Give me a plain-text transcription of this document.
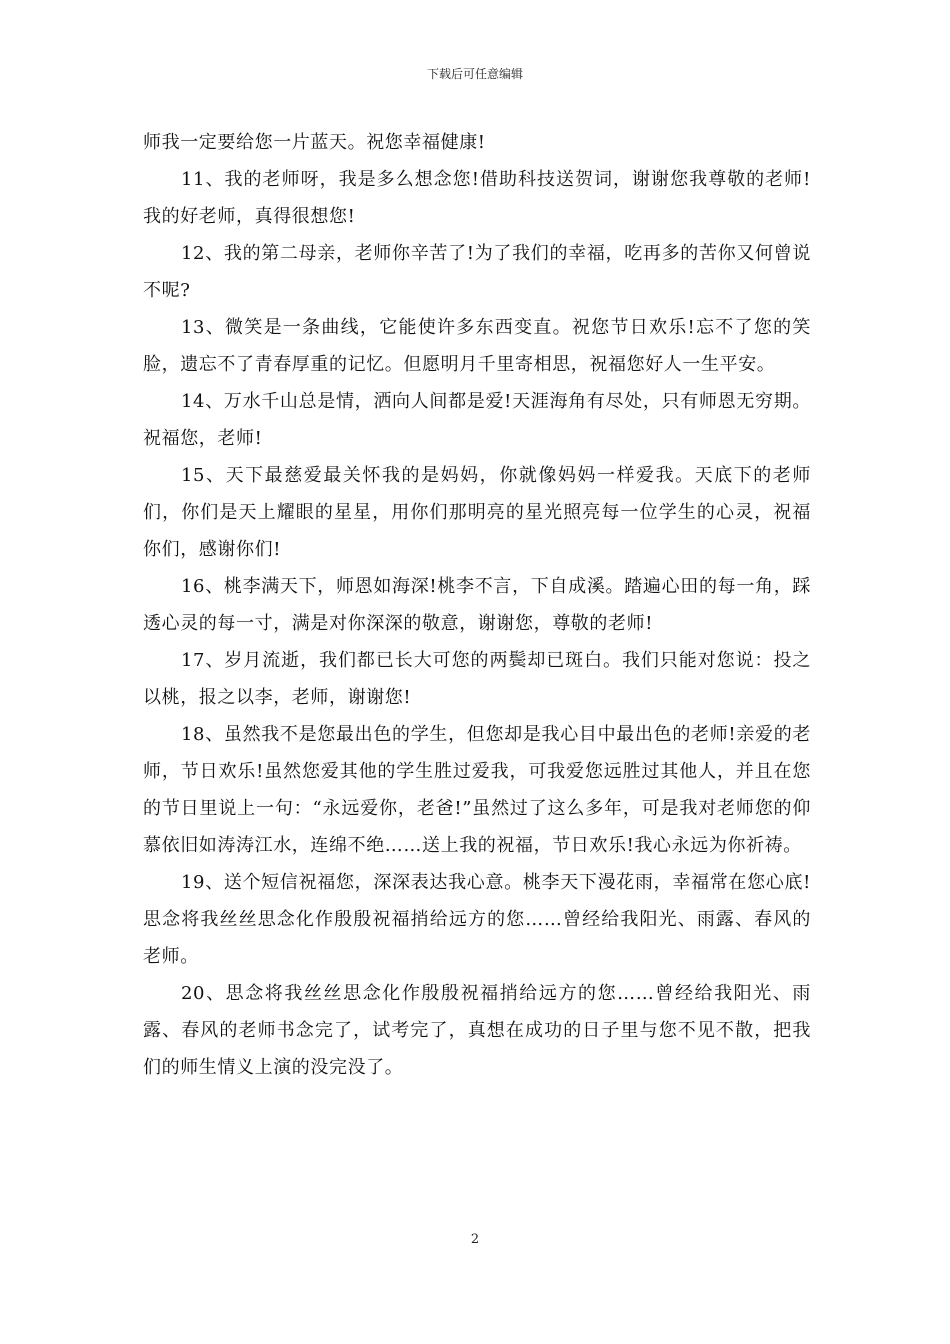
下载后可任意编辑

师我一定要给您一片蓝天。祝您幸福健康!

11、我的老师呀，我是多么想念您!借助科技送贺词，谢谢您我尊敬的老师!我的好老师，真得很想您!

12、我的第二母亲，老师你辛苦了!为了我们的幸福，吃再多的苦你又何曾说不呢?

13、微笑是一条曲线，它能使许多东西变直。祝您节日欢乐!忘不了您的笑脸，遗忘不了青春厚重的记忆。但愿明月千里寄相思，祝福您好人一生平安。

14、万水千山总是情，洒向人间都是爱!天涯海角有尽处，只有师恩无穷期。祝福您，老师!

15、天下最慈爱最关怀我的是妈妈，你就像妈妈一样爱我。天底下的老师们，你们是天上耀眼的星星，用你们那明亮的星光照亮每一位学生的心灵，祝福你们，感谢你们!

16、桃李满天下，师恩如海深!桃李不言，下自成溪。踏遍心田的每一角，踩透心灵的每一寸，满是对你深深的敬意，谢谢您，尊敬的老师!

17、岁月流逝，我们都已长大可您的两鬓却已斑白。我们只能对您说：投之以桃，报之以李，老师，谢谢您!

18、虽然我不是您最出色的学生，但您却是我心目中最出色的老师!亲爱的老师，节日欢乐!虽然您爱其他的学生胜过爱我，可我爱您远胜过其他人，并且在您的节日里说上一句：“永远爱你，老爸!”虽然过了这么多年，可是我对老师您的仰慕依旧如涛涛江水，连绵不绝……送上我的祝福，节日欢乐!我心永远为你祈祷。

19、送个短信祝福您，深深表达我心意。桃李天下漫花雨，幸福常在您心底!思念将我丝丝思念化作殷殷祝福捎给远方的您……曾经给我阳光、雨露、春风的老师。

20、思念将我丝丝思念化作殷殷祝福捎给远方的您……曾经给我阳光、雨露、春风的老师书念完了，试考完了，真想在成功的日子里与您不见不散，把我们的师生情义上演的没完没了。

2
